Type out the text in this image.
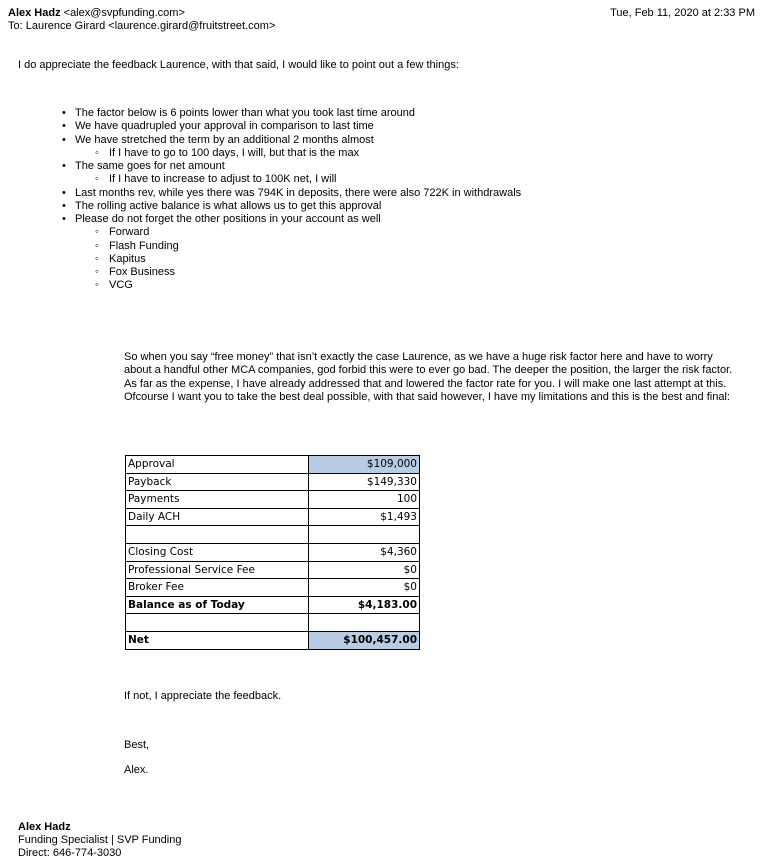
Alex Hadz <alex@svpfunding.com>
To: Laurence Girard <laurence.girard@fruitstreet.com>
Tue, Feb 11, 2020 at 2:33 PM
I do appreciate the feedback Laurence, with that said, I would like to point out a few things:
• The factor below is 6 points lower than what you took last time around
• We have quadrupled your approval in comparison to last time
• We have stretched the term by an additional 2 months almost
◦ If I have to go to 100 days, I will, but that is the max
• The same goes for net amount
◦ If I have to increase to adjust to 100K net, I will
• Last months rev, while yes there was 794K in deposits, there were also 722K in withdrawals
• The rolling active balance is what allows us to get this approval
• Please do not forget the other positions in your account as well
◦ Forward
◦ Flash Funding
◦ Kapitus
◦ Fox Business
◦ VCG
So when you say “free money” that isn’t exactly the case Laurence, as we have a huge risk factor here and have to worry about a handful other MCA companies, god forbid this were to ever go bad. The deeper the position, the larger the risk factor. As far as the expense, I have already addressed that and lowered the factor rate for you. I will make one last attempt at this. Ofcourse I want you to take the best deal possible, with that said however, I have my limitations and this is the best and final:
Approval	$109,000
Payback	$149,330
Payments	100
Daily ACH	$1,493

Closing Cost	$4,360
Professional Service Fee	$0
Broker Fee	$0
Balance as of Today	$4,183.00

Net	$100,457.00
If not, I appreciate the feedback.
Best,
Alex.
Alex Hadz
Funding Specialist | SVP Funding
Direct: 646-774-3030
